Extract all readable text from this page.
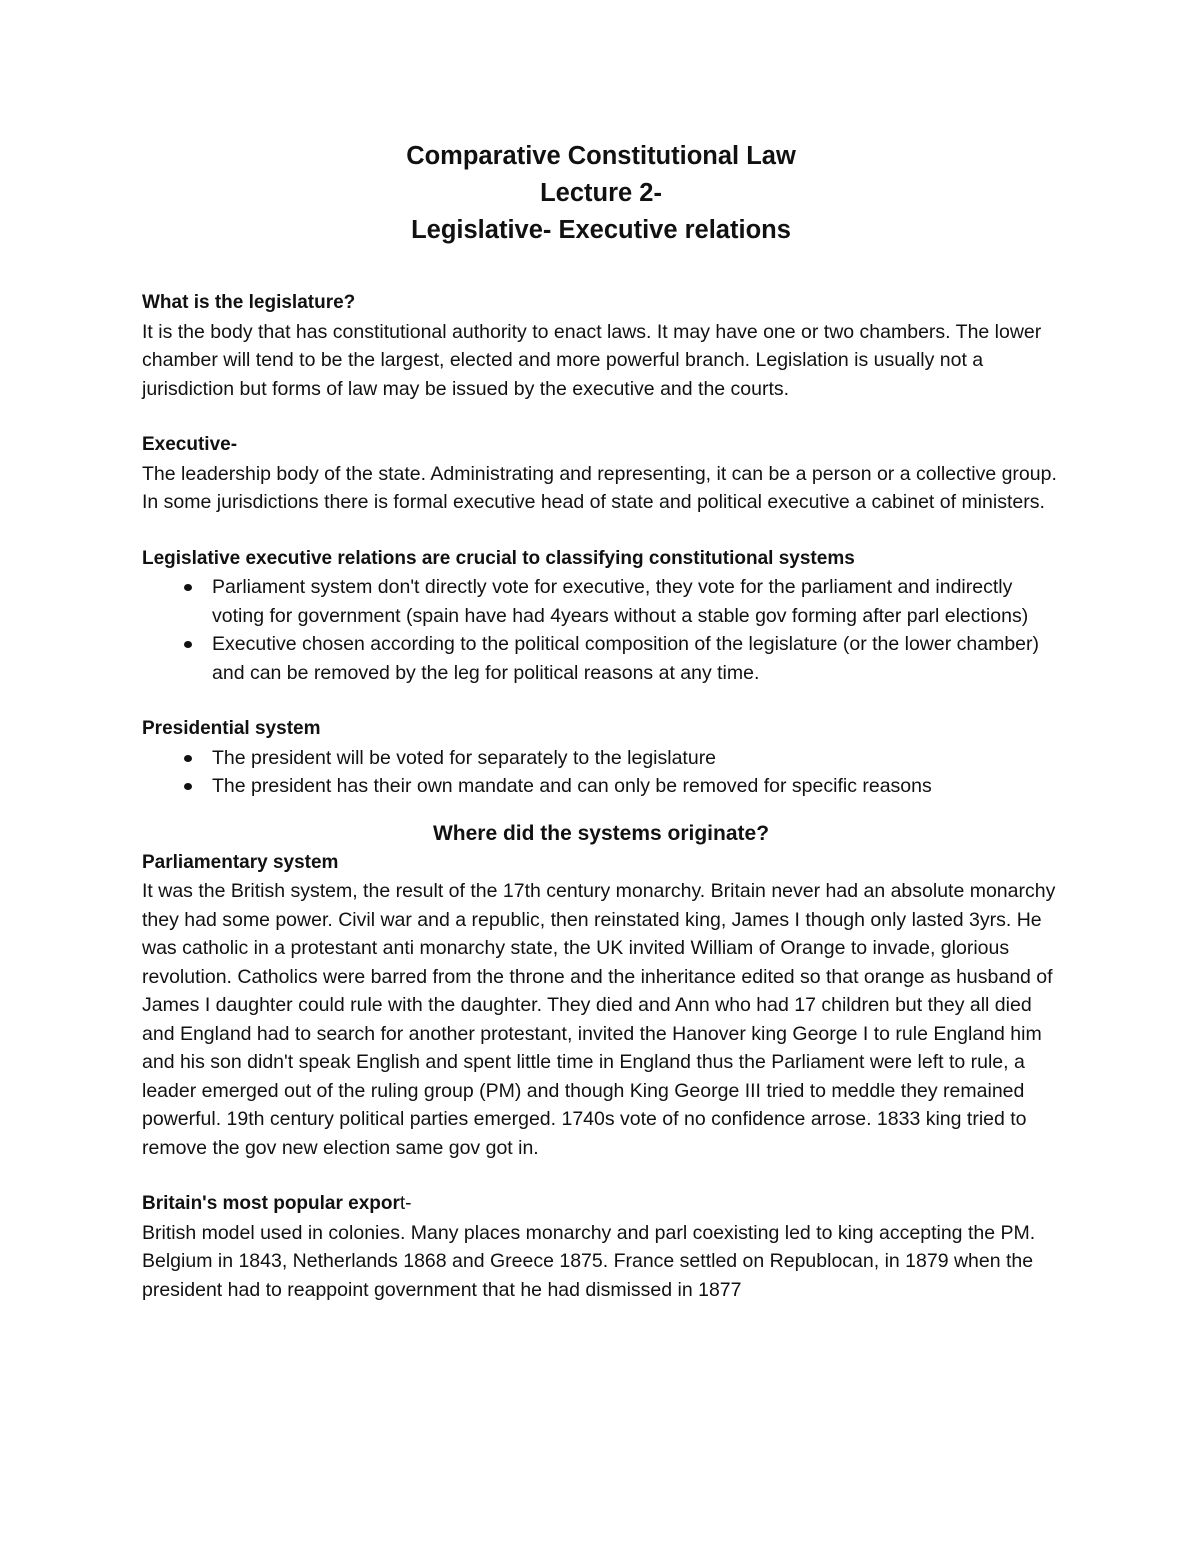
Comparative Constitutional Law
Lecture 2-
Legislative- Executive relations
What is the legislature?

It is the body that has constitutional authority to enact laws. It may have one or two chambers. The lower chamber will tend to be the largest, elected and more powerful branch. Legislation is usually not a jurisdiction but forms of law may be issued by the executive and the courts.

Executive-

The leadership body of the state. Administrating and representing, it can be a person or a collective group. In some jurisdictions there is formal executive head of state and political executive a cabinet of ministers.

Legislative executive relations are crucial to classifying constitutional systems
Parliament system don't directly vote for executive, they vote for the parliament and indirectly voting for government (spain have had 4years without a stable gov forming after parl elections)
Executive chosen according to the political composition of the legislature (or the lower chamber) and can be removed by the leg for political reasons at any time.
Presidential system
The president will be voted for separately to the legislature
The president has their own mandate and can only be removed for specific reasons
Where did the systems originate?
Parliamentary system

It was the British system, the result of the 17th century monarchy. Britain never had an absolute monarchy they had some power. Civil war and a republic, then reinstated king, James I though only lasted 3yrs. He was catholic in a protestant anti monarchy state, the UK invited William of Orange to invade, glorious revolution. Catholics were barred from the throne and the inheritance edited so that orange as husband of James I daughter could rule with the daughter. They died and Ann who had 17 children but they all died and England had to search for another protestant, invited the Hanover king George I to rule England him and his son didn't speak English and spent little time in England thus the Parliament were left to rule, a leader emerged out of the ruling group (PM) and though King George III tried to meddle they remained powerful. 19th century political parties emerged. 1740s vote of no confidence arrose. 1833 king tried to remove the gov new election same gov got in.

Britain's most popular export-

British model used in colonies. Many places monarchy and parl coexisting led to king accepting the PM. Belgium in 1843, Netherlands 1868 and Greece 1875. France settled on Republocan, in 1879 when the president had to reappoint government that he had dismissed in 1877
